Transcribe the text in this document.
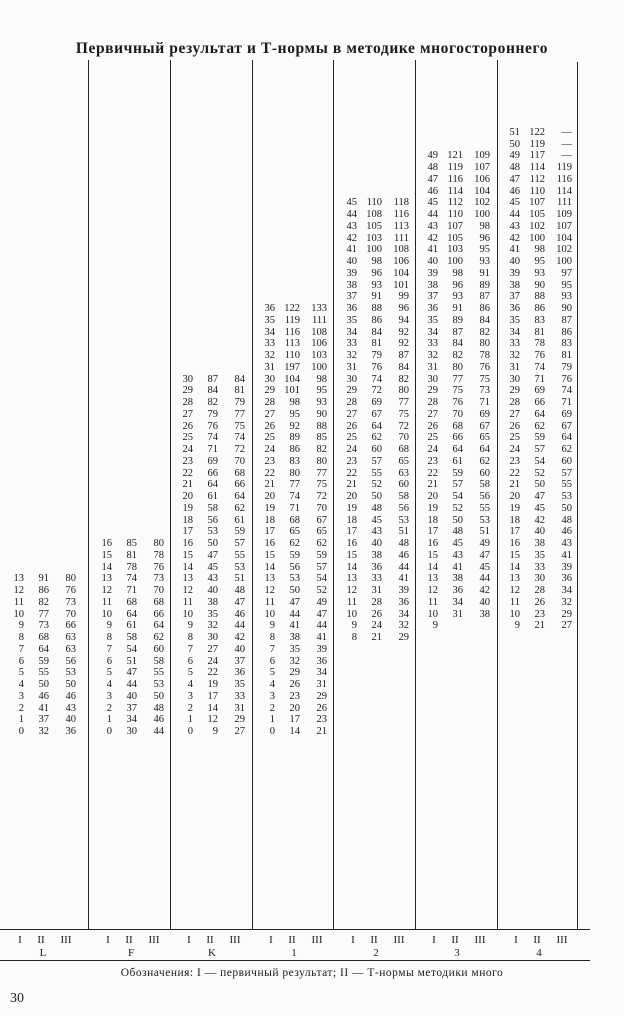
Первичный результат и Т-нормы в методике многостороннего
13	91	80
12	86	76
11	82	73
10	77	70
9	73	66
8	68	63
7	64	63
6	59	56
5	55	53
4	50	50
3	46	46
2	41	43
1	37	40
0	32	36
I	II	III
L
16	85	80
15	81	78
14	78	76
13	74	73
12	71	70
11	68	68
10	64	66
9	61	64
8	58	62
7	54	60
6	51	58
5	47	55
4	44	53
3	40	50
2	37	48
1	34	46
0	30	44
I	II	III
F
30	87	84
29	84	81
28	82	79
27	79	77
26	76	75
25	74	74
24	71	72
23	69	70
22	66	68
21	64	66
20	61	64
19	58	62
18	56	61
17	53	59
16	50	57
15	47	55
14	45	53
13	43	51
12	40	48
11	38	47
10	35	46
9	32	44
8	30	42
7	27	40
6	24	37
5	22	36
4	19	35
3	17	33
2	14	31
1	12	29
0	9	27
I	II	III
K
36 122	133
35 119	111
34 116	108
33 113	106
32 110	103
31 197	100
30 104	98
29 101	95
28	98	93
27	95	90
26	92	88
25	89	85
24	86	82
23	83	80
22	80	77
21	77	75
20	74	72
19	71	70
18	68	67
17	65	65
16	62	62
15	59	59
14	56	57
13	53	54
12	50	52
11	47	49
10	44	47
9	41	44
8	38	41
7	35	39
6	32	36
5	29	34
4	26	31
3	23	29
2	20	26
1	17	23
0	14	21
I	II	III
1
45 110	118
44 108	116
43 105	113
42 103	111
41 100	108
40	98	106
39	96	104
38	93	101
37	91	99
36	88	96
35	86	94
34	84	92
33	81	92
32	79	87
31	76	84
30	74	82
29	72	80
28	69	77
27	67	75
26	64	72
25	62	70
24	60	68
23	57	65
22	55	63
21	52	60
20	50	58
19	48	56
18	45	53
17	43	51
16	40	48
15	38	46
14	36	44
13	33	41
12	31	39
11	28	36
10	26	34
9	24	32
8	21	29
I	II	III
2
49 121	109
48 119	107
47 116	106
46 114	104
45 112	102
44 110	100
43 107	98
42 105	96
41 103	95
40 100	93
39	98	91
38	96	89
37	93	87
36	91	86
35	89	84
34	87	82
33	84	80
32	82	78
31	80	76
30	77	75
29	75	73
28	76	71
27	70	69
26	68	67
25	66	65
24	64	64
23	61	62
22	59	60
21	57	58
20	54	56
19	52	55
18	50	53
17	48	51
16	45	49
15	43	47
14	41	45
13	38	44
12	36	42
11	34	40
10	31	38
9
I	II	III
3
51 122	—
50 119	—
49 117	—
48 114	119
47 112	116
46 110	114
45 107	111
44 105	109
43 102	107
42 100	104
41	98	102
40	95	100
39	93	97
38	90	95
37	88	93
36	86	90
35	83	87
34	81	86
33	78	83
32	76	81
31	74	79
30	71	76
29	69	74
28	66	71
27	64	69
26	62	67
25	59	64
24	57	62
23	54	60
22	52	57
21	50	55
20	47	53
19	45	50
18	42	48
17	40	46
16	38	43
15	35	41
14	33	39
13	30	36
12	28	34
11	26	32
10	23	29
9	21	27
I	II	III
4
Обозначения: I — первичный результат; II — Т-нормы методики много
30
